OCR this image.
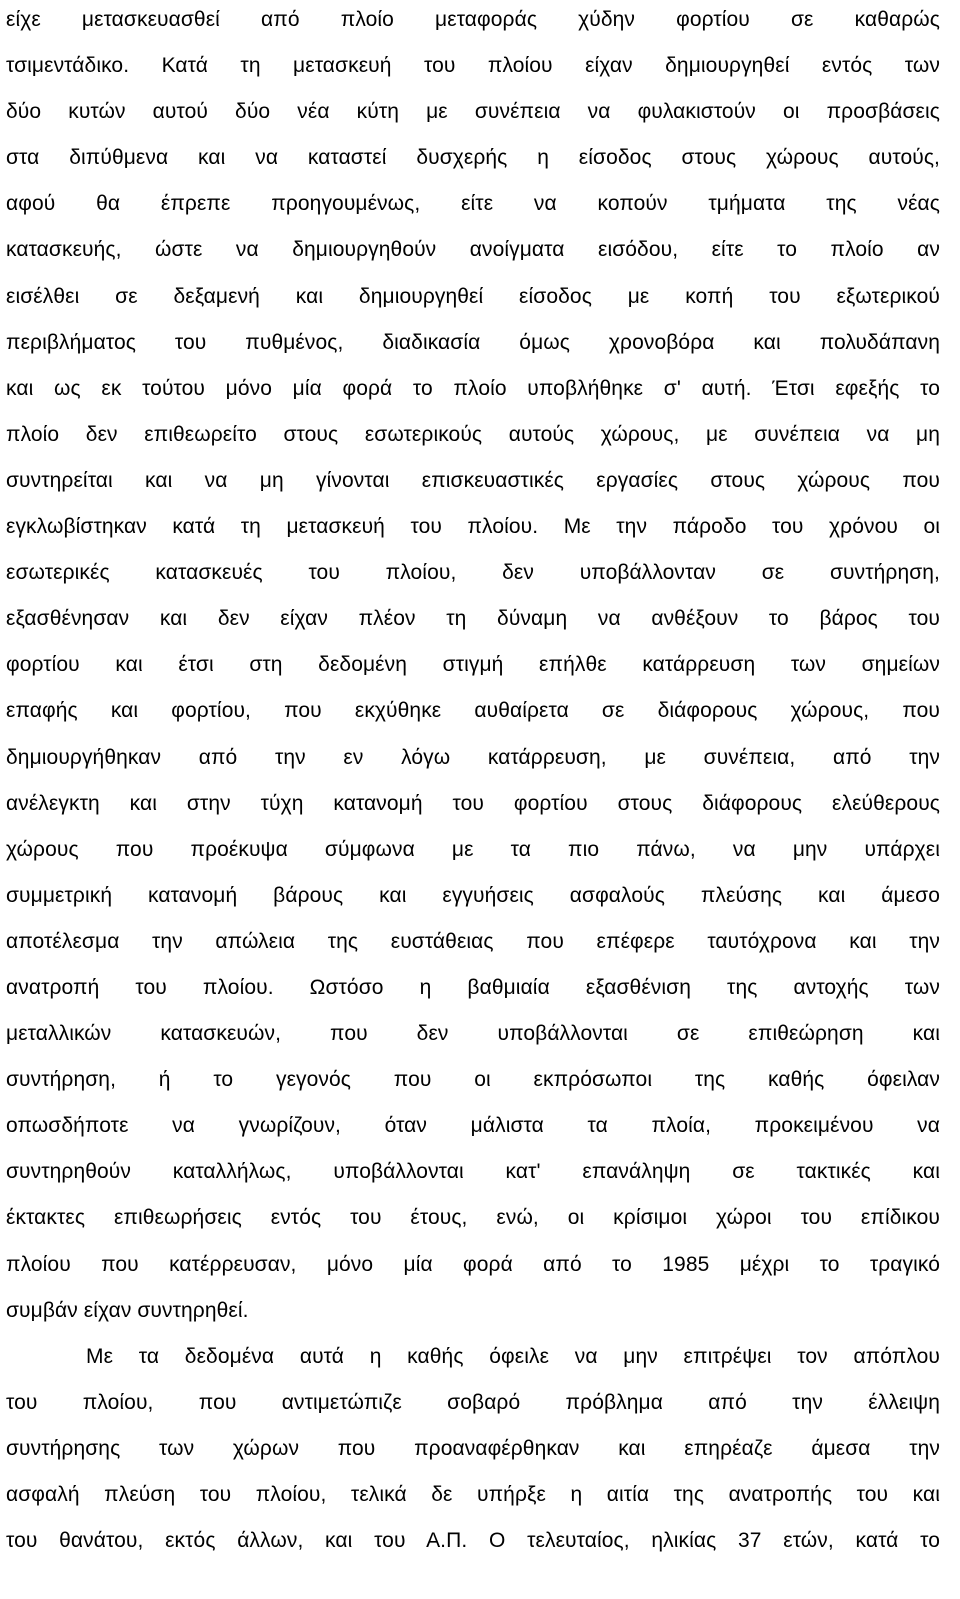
είχε μετασκευασθεί από πλοίο μεταφοράς χύδην φορτίου σε καθαρώς
τσιμεντάδικο. Κατά τη μετασκευή του πλοίου είχαν δημιουργηθεί εντός των
δύο κυτών αυτού δύο νέα κύτη με συνέπεια να φυλακιστούν οι προσβάσεις
στα διπύθμενα και να καταστεί δυσχερής η είσοδος στους χώρους αυτούς,
αφού θα έπρεπε προηγουμένως, είτε να κοπούν τμήματα της νέας
κατασκευής, ώστε να δημιουργηθούν ανοίγματα εισόδου, είτε το πλοίο αν
εισέλθει σε δεξαμενή και δημιουργηθεί είσοδος με κοπή του εξωτερικού
περιβλήματος του πυθμένος, διαδικασία όμως χρονοβόρα και πολυδάπανη
και ως εκ τούτου μόνο μία φορά το πλοίο υποβλήθηκε σ' αυτή. Έτσι εφεξής το
πλοίο δεν επιθεωρείτο στους εσωτερικούς αυτούς χώρους, με συνέπεια να μη
συντηρείται και να μη γίνονται επισκευαστικές εργασίες στους χώρους που
εγκλωβίστηκαν κατά τη μετασκευή του πλοίου. Με την πάροδο του χρόνου οι
εσωτερικές κατασκευές του πλοίου, δεν υποβάλλονταν σε συντήρηση,
εξασθένησαν και δεν είχαν πλέον τη δύναμη να ανθέξουν το βάρος του
φορτίου και έτσι στη δεδομένη στιγμή επήλθε κατάρρευση των σημείων
επαφής και φορτίου, που εκχύθηκε αυθαίρετα σε διάφορους χώρους, που
δημιουργήθηκαν από την εν λόγω κατάρρευση, με συνέπεια, από την
ανέλεγκτη και στην τύχη κατανομή του φορτίου στους διάφορους ελεύθερους
χώρους που προέκυψα σύμφωνα με τα πιο πάνω, να μην υπάρχει
συμμετρική κατανομή βάρους και εγγυήσεις ασφαλούς πλεύσης και άμεσο
αποτέλεσμα την απώλεια της ευστάθειας που επέφερε ταυτόχρονα και την
ανατροπή του πλοίου. Ωστόσο η βαθμιαία εξασθένιση της αντοχής των
μεταλλικών κατασκευών, που δεν υποβάλλονται σε επιθεώρηση και
συντήρηση, ή το γεγονός που οι εκπρόσωποι της καθής όφειλαν
οπωσδήποτε να γνωρίζουν, όταν μάλιστα τα πλοία, προκειμένου να
συντηρηθούν καταλλήλως, υποβάλλονται κατ' επανάληψη σε τακτικές και
έκτακτες επιθεωρήσεις εντός του έτους, ενώ, οι κρίσιμοι χώροι του επίδικου
πλοίου που κατέρρευσαν, μόνο μία φορά από το 1985 μέχρι το τραγικό
συμβάν είχαν συντηρηθεί.
Με τα δεδομένα αυτά η καθής όφειλε να μην επιτρέψει τον απόπλου
του πλοίου, που αντιμετώπιζε σοβαρό πρόβλημα από την έλλειψη
συντήρησης των χώρων που προαναφέρθηκαν και επηρέαζε άμεσα την
ασφαλή πλεύση του πλοίου, τελικά δε υπήρξε η αιτία της ανατροπής του και
του θανάτου, εκτός άλλων, και του Α.Π. Ο τελευταίος, ηλικίας 37 ετών, κατά το
